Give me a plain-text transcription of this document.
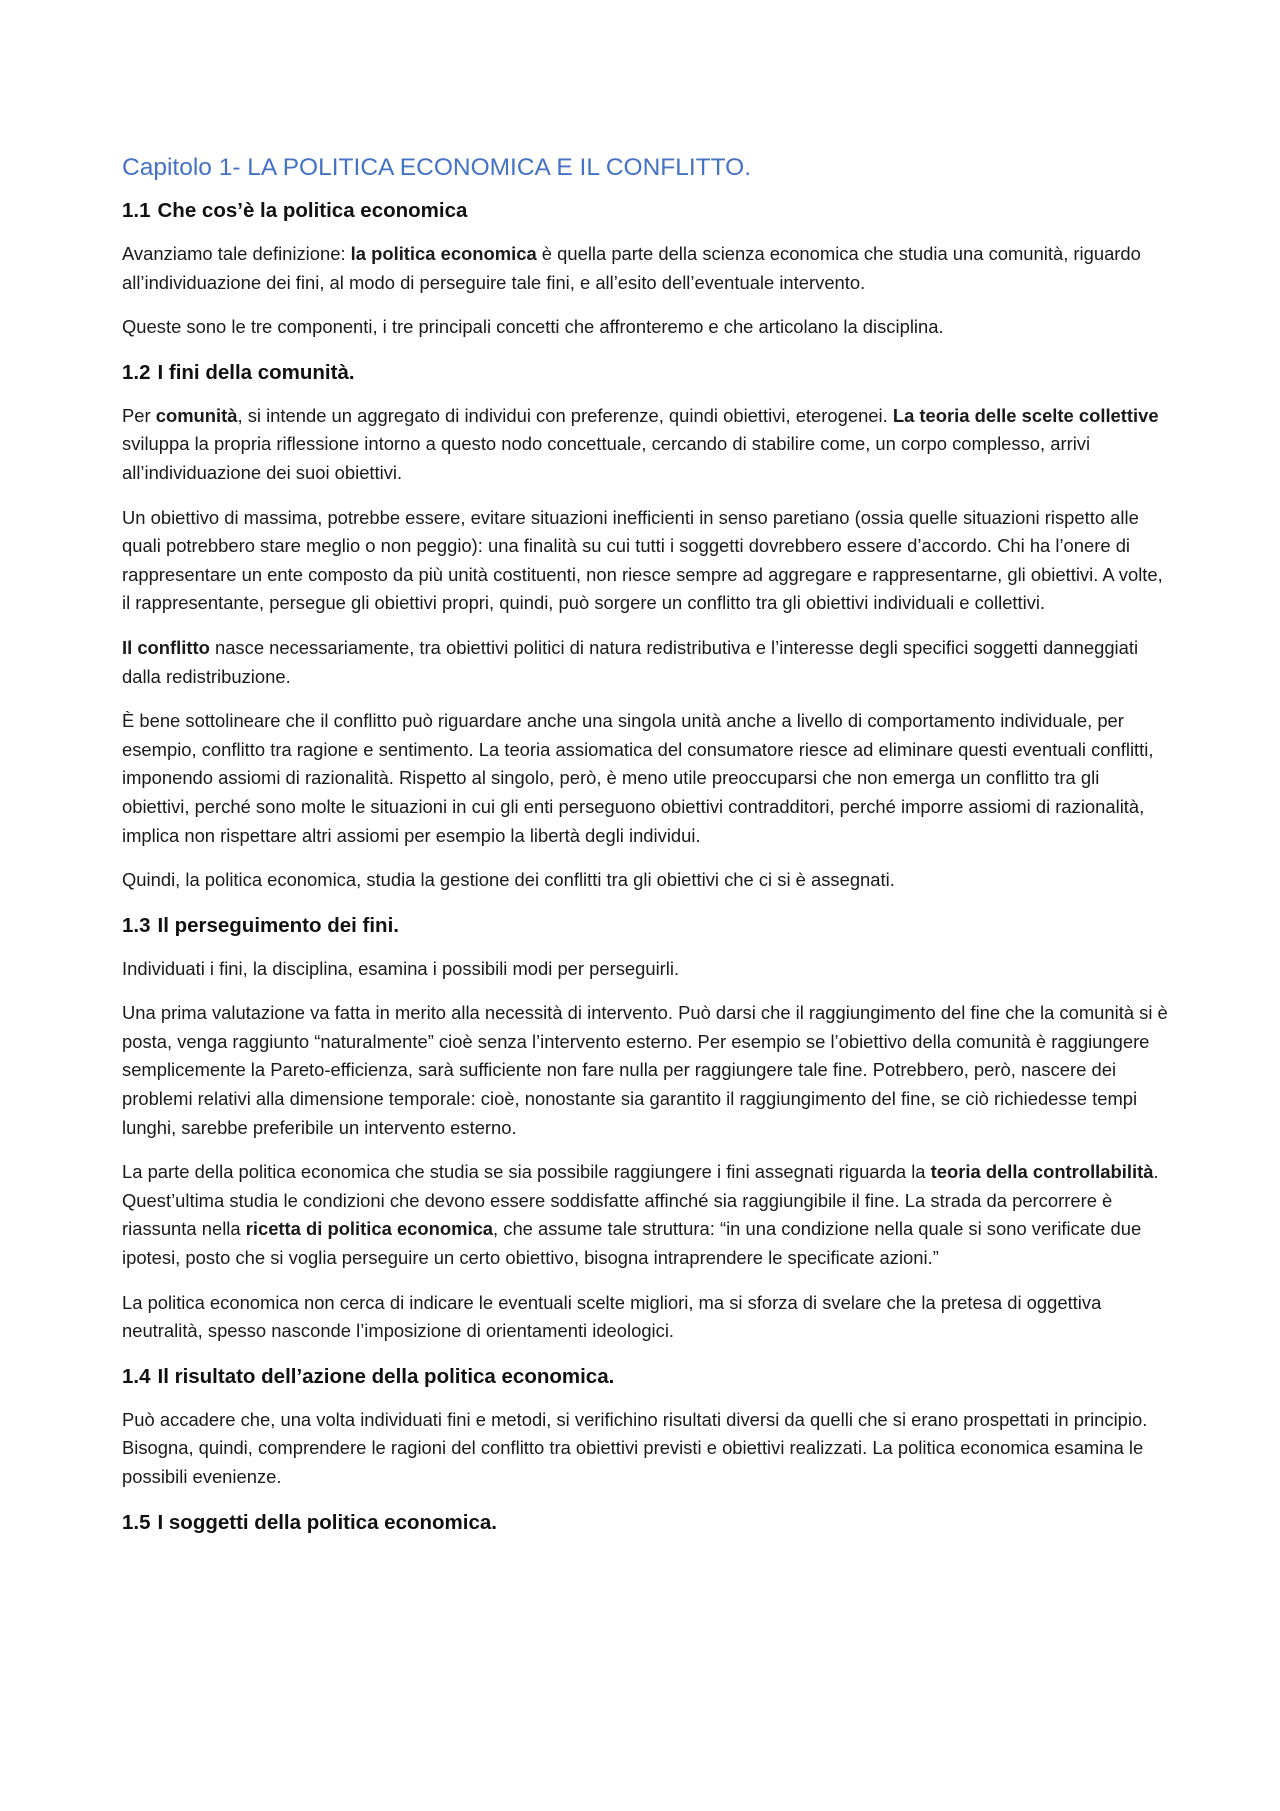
Capitolo 1- LA POLITICA ECONOMICA E IL CONFLITTO.
1.1 Che cos’è la politica economica

Avanziamo tale definizione: la politica economica è quella parte della scienza economica che studia una comunità, riguardo all’individuazione dei fini, al modo di perseguire tale fini, e all’esito dell’eventuale intervento.

Queste sono le tre componenti, i tre principali concetti che affronteremo e che articolano la disciplina.

1.2 I fini della comunità.

Per comunità, si intende un aggregato di individui con preferenze, quindi obiettivi, eterogenei. La teoria delle scelte collettive sviluppa la propria riflessione intorno a questo nodo concettuale, cercando di stabilire come, un corpo complesso, arrivi all’individuazione dei suoi obiettivi.

Un obiettivo di massima, potrebbe essere, evitare situazioni inefficienti in senso paretiano (ossia quelle situazioni rispetto alle quali potrebbero stare meglio o non peggio): una finalità su cui tutti i soggetti dovrebbero essere d’accordo. Chi ha l’onere di rappresentare un ente composto da più unità costituenti, non riesce sempre ad aggregare e rappresentarne, gli obiettivi. A volte, il rappresentante, persegue gli obiettivi propri, quindi, può sorgere un conflitto tra gli obiettivi individuali e collettivi.

Il conflitto nasce necessariamente, tra obiettivi politici di natura redistributiva e l’interesse degli specifici soggetti danneggiati dalla redistribuzione.

È bene sottolineare che il conflitto può riguardare anche una singola unità anche a livello di comportamento individuale, per esempio, conflitto tra ragione e sentimento. La teoria assiomatica del consumatore riesce ad eliminare questi eventuali conflitti, imponendo assiomi di razionalità. Rispetto al singolo, però, è meno utile preoccuparsi che non emerga un conflitto tra gli obiettivi, perché sono molte le situazioni in cui gli enti perseguono obiettivi contradditori, perché imporre assiomi di razionalità, implica non rispettare altri assiomi per esempio la libertà degli individui.

Quindi, la politica economica, studia la gestione dei conflitti tra gli obiettivi che ci si è assegnati.

1.3 Il perseguimento dei fini.

Individuati i fini, la disciplina, esamina i possibili modi per perseguirli.

Una prima valutazione va fatta in merito alla necessità di intervento. Può darsi che il raggiungimento del fine che la comunità si è posta, venga raggiunto “naturalmente” cioè senza l’intervento esterno. Per esempio se l’obiettivo della comunità è raggiungere semplicemente la Pareto-efficienza, sarà sufficiente non fare nulla per raggiungere tale fine. Potrebbero, però, nascere dei problemi relativi alla dimensione temporale: cioè, nonostante sia garantito il raggiungimento del fine, se ciò richiedesse tempi lunghi, sarebbe preferibile un intervento esterno.

La parte della politica economica che studia se sia possibile raggiungere i fini assegnati riguarda la teoria della controllabilità. Quest’ultima studia le condizioni che devono essere soddisfatte affinché sia raggiungibile il fine. La strada da percorrere è riassunta nella ricetta di politica economica, che assume tale struttura: “in una condizione nella quale si sono verificate due ipotesi, posto che si voglia perseguire un certo obiettivo, bisogna intraprendere le specificate azioni.”

La politica economica non cerca di indicare le eventuali scelte migliori, ma si sforza di svelare che la pretesa di oggettiva neutralità, spesso nasconde l’imposizione di orientamenti ideologici.

1.4 Il risultato dell’azione della politica economica.

Può accadere che, una volta individuati fini e metodi, si verifichino risultati diversi da quelli che si erano prospettati in principio. Bisogna, quindi, comprendere le ragioni del conflitto tra obiettivi previsti e obiettivi realizzati. La politica economica esamina le possibili evenienze.

1.5 I soggetti della politica economica.
